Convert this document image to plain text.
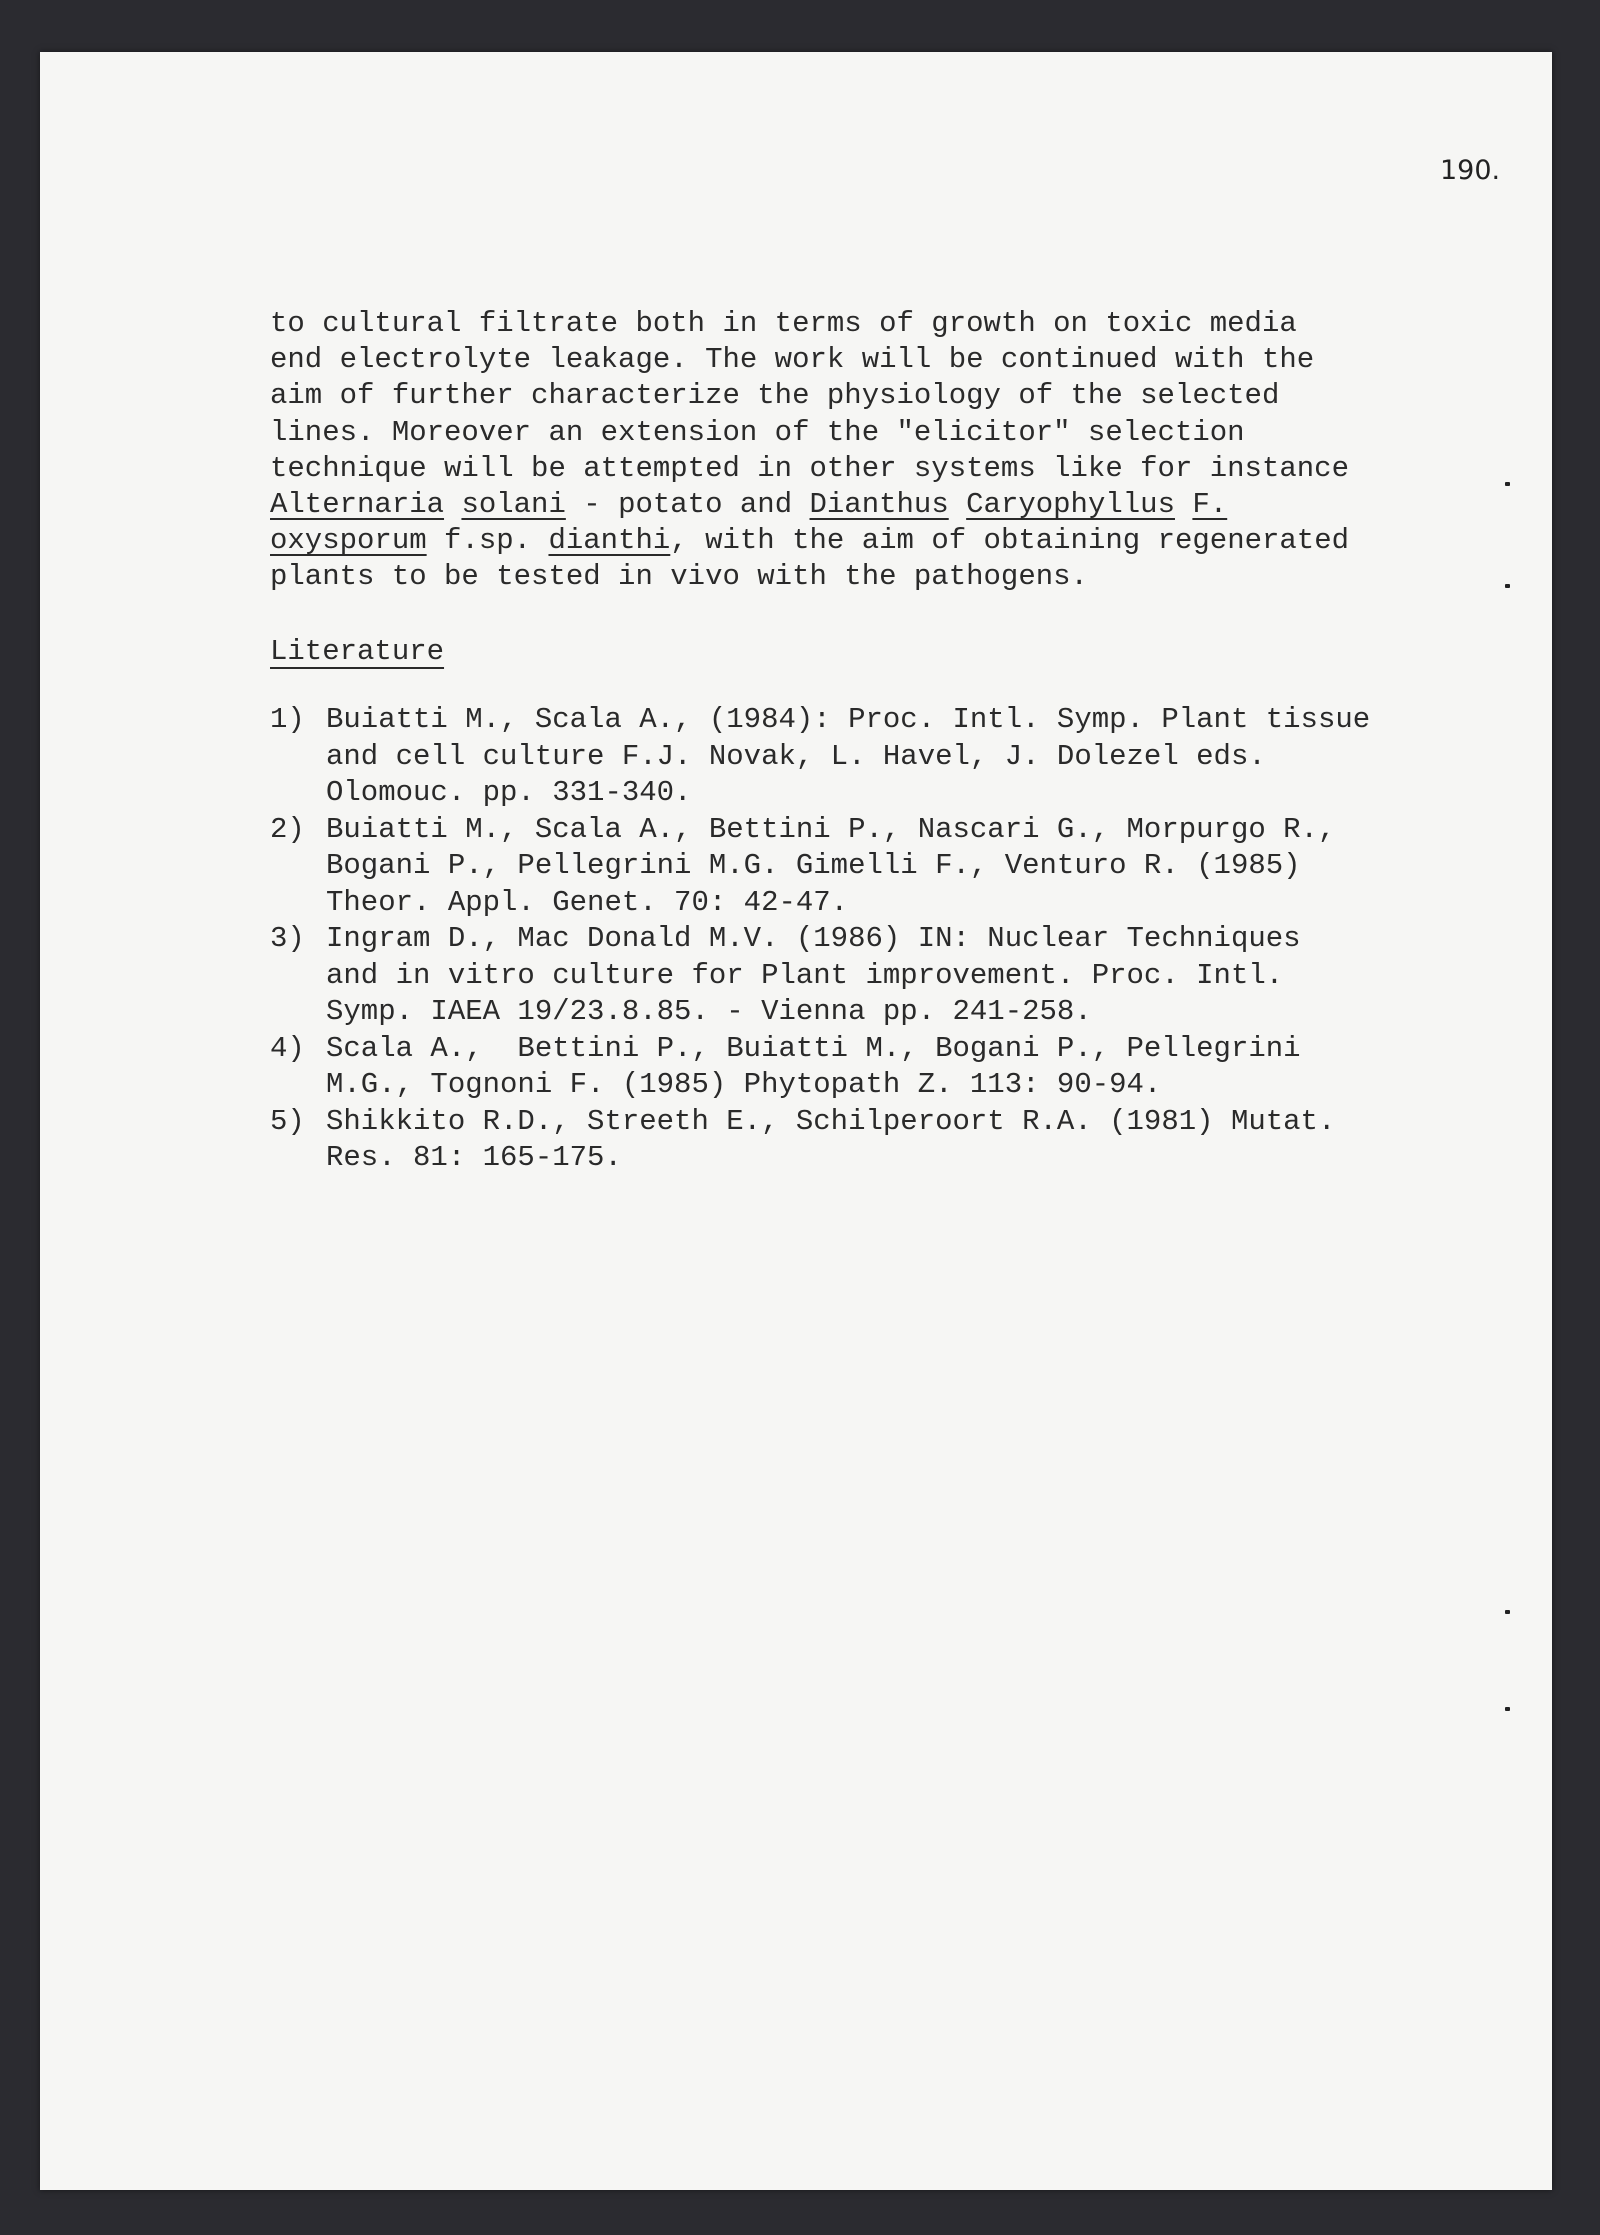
190.
to cultural filtrate both in terms of growth on toxic media
end electrolyte leakage. The work will be continued with the
aim of further characterize the physiology of the selected
lines. Moreover an extension of the "elicitor" selection
technique will be attempted in other systems like for instance
Alternaria solani - potato and Dianthus Caryophyllus F.
oxysporum f.sp. dianthi, with the aim of obtaining regenerated
plants to be tested in vivo with the pathogens.
Literature
1) Buiatti M., Scala A., (1984): Proc. Intl. Symp. Plant tissue
and cell culture F.J. Novak, L. Havel, J. Dolezel eds.
Olomouc. pp. 331-340.
2) Buiatti M., Scala A., Bettini P., Nascari G., Morpurgo R.,
Bogani P., Pellegrini M.G. Gimelli F., Venturo R. (1985)
Theor. Appl. Genet. 70: 42-47.
3) Ingram D., Mac Donald M.V. (1986) IN: Nuclear Techniques
and in vitro culture for Plant improvement. Proc. Intl.
Symp. IAEA 19/23.8.85. - Vienna pp. 241-258.
4) Scala A.,  Bettini P., Buiatti M., Bogani P., Pellegrini
M.G., Tognoni F. (1985) Phytopath Z. 113: 90-94.
5) Shikkito R.D., Streeth E., Schilperoort R.A. (1981) Mutat.
Res. 81: 165-175.
